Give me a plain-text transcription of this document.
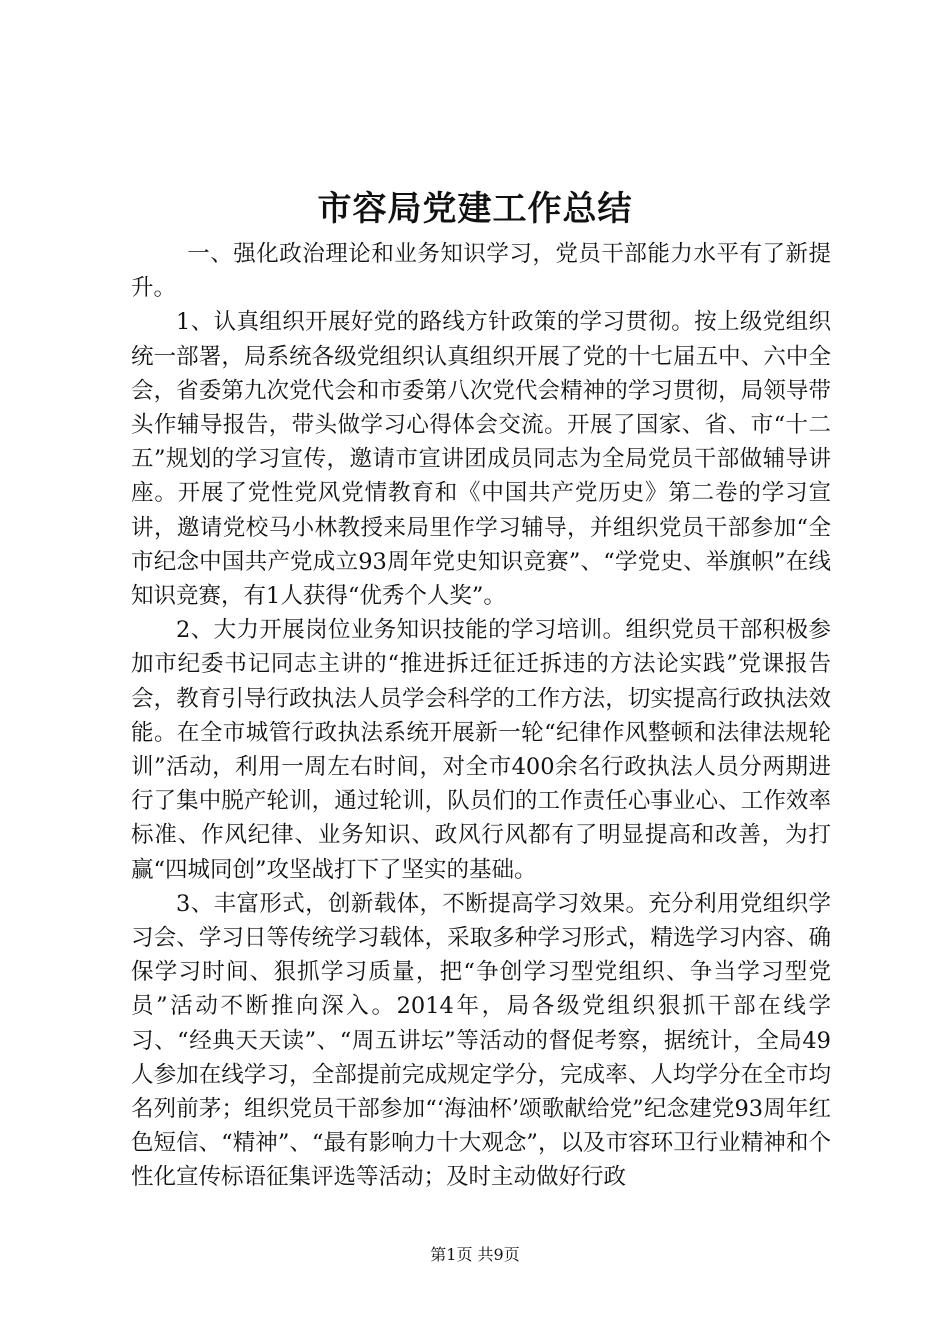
市容局党建工作总结

一、强化政治理论和业务知识学习，党员干部能力水平有了新提升。

1、认真组织开展好党的路线方针政策的学习贯彻。按上级党组织统一部署，局系统各级党组织认真组织开展了党的十七届五中、六中全会，省委第九次党代会和市委第八次党代会精神的学习贯彻，局领导带头作辅导报告，带头做学习心得体会交流。开展了国家、省、市“十二五”规划的学习宣传，邀请市宣讲团成员同志为全局党员干部做辅导讲座。开展了党性党风党情教育和《中国共产党历史》第二卷的学习宣讲，邀请党校马小林教授来局里作学习辅导，并组织党员干部参加“全市纪念中国共产党成立93周年党史知识竞赛”、“学党史、举旗帜”在线知识竞赛，有1人获得“优秀个人奖”。

2、大力开展岗位业务知识技能的学习培训。组织党员干部积极参加市纪委书记同志主讲的“推进拆迁征迁拆违的方法论实践”党课报告会，教育引导行政执法人员学会科学的工作方法，切实提高行政执法效能。在全市城管行政执法系统开展新一轮“纪律作风整顿和法律法规轮训”活动，利用一周左右时间，对全市400余名行政执法人员分两期进行了集中脱产轮训，通过轮训，队员们的工作责任心事业心、工作效率标准、作风纪律、业务知识、政风行风都有了明显提高和改善，为打赢“四城同创”攻坚战打下了坚实的基础。

3、丰富形式，创新载体，不断提高学习效果。充分利用党组织学习会、学习日等传统学习载体，采取多种学习形式，精选学习内容、确保学习时间、狠抓学习质量，把“争创学习型党组织、争当学习型党员”活动不断推向深入。2014年，局各级党组织狠抓干部在线学习、“经典天天读”、“周五讲坛”等活动的督促考察，据统计，全局49人参加在线学习，全部提前完成规定学分，完成率、人均学分在全市均名列前茅；组织党员干部参加“‘海油杯’颂歌献给党”纪念建党93周年红色短信、“精神”、“最有影响力十大观念”，以及市容环卫行业精神和个性化宣传标语征集评选等活动；及时主动做好行政

第1页 共9页
